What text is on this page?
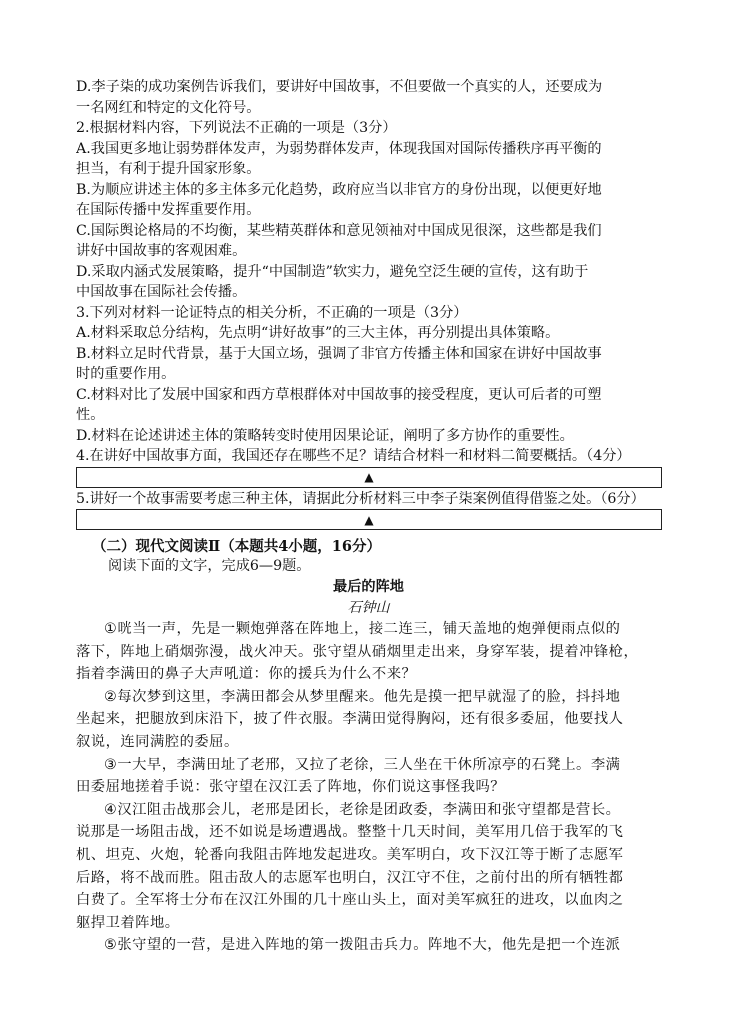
D.李子柒的成功案例告诉我们，要讲好中国故事，不但要做一个真实的人，还要成为
一名网红和特定的文化符号。
2.根据材料内容，下列说法不正确的一项是（3分）
A.我国更多地让弱势群体发声，为弱势群体发声，体现我国对国际传播秩序再平衡的
担当，有利于提升国家形象。
B.为顺应讲述主体的多主体多元化趋势，政府应当以非官方的身份出现，以便更好地
在国际传播中发挥重要作用。
C.国际舆论格局的不均衡，某些精英群体和意见领袖对中国成见很深，这些都是我们
讲好中国故事的客观困难。
D.采取内涵式发展策略，提升“中国制造”软实力，避免空泛生硬的宣传，这有助于
中国故事在国际社会传播。
3.下列对材料一论证特点的相关分析，不正确的一项是（3分）
A.材料采取总分结构，先点明“讲好故事”的三大主体，再分别提出具体策略。
B.材料立足时代背景，基于大国立场，强调了非官方传播主体和国家在讲好中国故事
时的重要作用。
C.材料对比了发展中国家和西方草根群体对中国故事的接受程度，更认可后者的可塑
性。
D.材料在论述讲述主体的策略转变时使用因果论证，阐明了多方协作的重要性。
4.在讲好中国故事方面，我国还存在哪些不足？请结合材料一和材料二简要概括。（4分）
▲
5.讲好一个故事需要考虑三种主体，请据此分析材料三中李子柒案例值得借鉴之处。（6分）
▲
（二）现代文阅读Ⅱ（本题共4小题，16分）
阅读下面的文字，完成6—9题。
最后的阵地
石钟山
①咣当一声，先是一颗炮弹落在阵地上，接二连三，铺天盖地的炮弹便雨点似的
落下，阵地上硝烟弥漫，战火冲天。张守望从硝烟里走出来，身穿军装，提着冲锋枪，
指着李满田的鼻子大声吼道：你的援兵为什么不来？
②每次梦到这里，李满田都会从梦里醒来。他先是摸一把早就湿了的脸，抖抖地
坐起来，把腿放到床沿下，披了件衣服。李满田觉得胸闷，还有很多委屈，他要找人
叙说，连同满腔的委屈。
③一大早，李满田址了老邢，又拉了老徐，三人坐在干休所凉亭的石凳上。李满
田委屈地搓着手说：张守望在汉江丢了阵地，你们说这事怪我吗？
④汉江阻击战那会儿，老邢是团长，老徐是团政委，李满田和张守望都是营长。
说那是一场阻击战，还不如说是场遭遇战。整整十几天时间，美军用几倍于我军的飞
机、坦克、火炮，轮番向我阻击阵地发起进攻。美军明白，攻下汉江等于断了志愿军
后路，将不战而胜。阻击敌人的志愿军也明白，汉江守不住，之前付出的所有牺牲都
白费了。全军将士分布在汉江外围的几十座山头上，面对美军疯狂的进攻，以血肉之
躯捍卫着阵地。
⑤张守望的一营，是进入阵地的第一拨阻击兵力。阵地不大，他先是把一个连派
